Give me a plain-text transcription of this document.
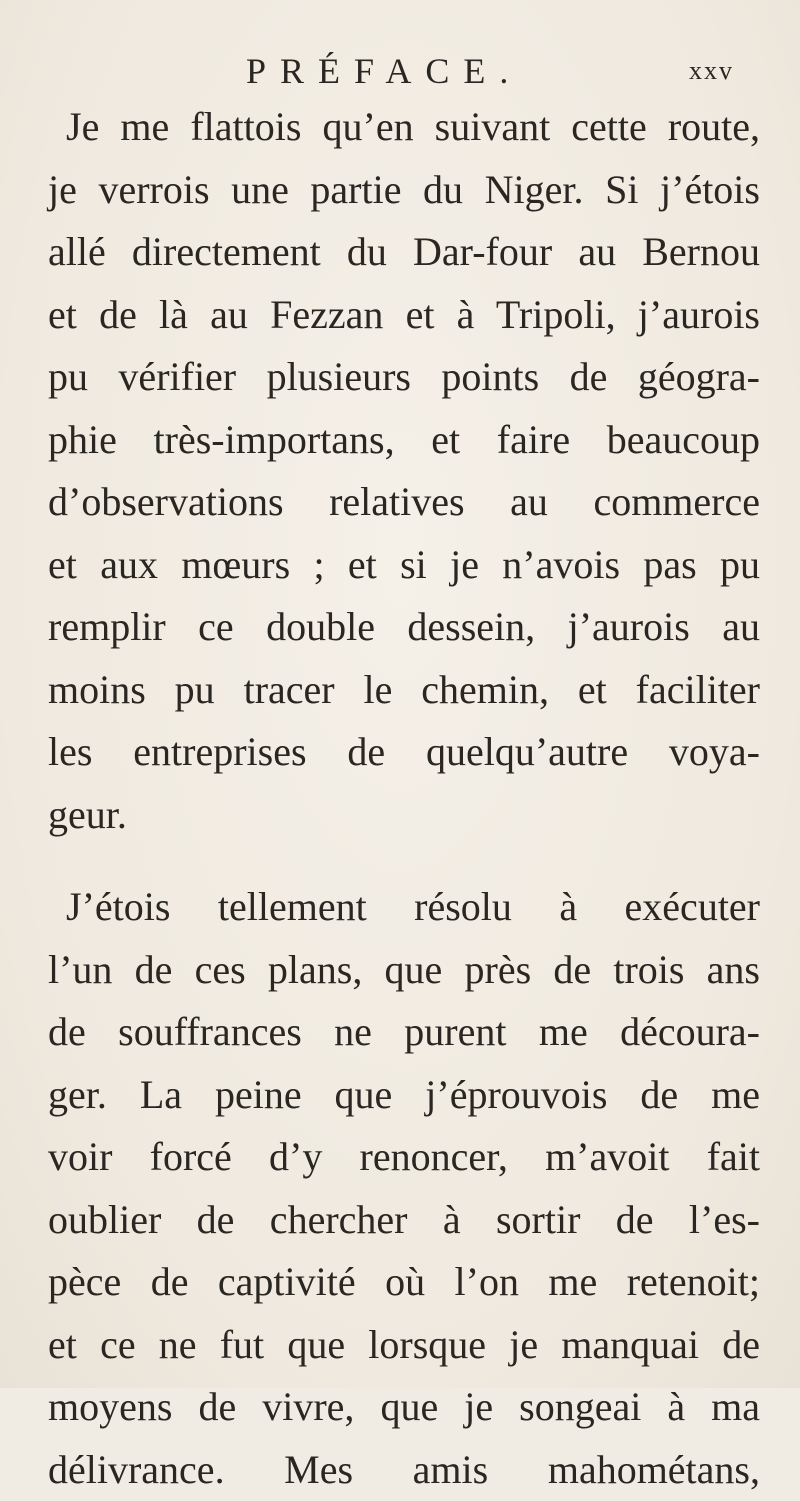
PRÉFACE.	xxv
Je me flattois qu’en suivant cette route,
je verrois une partie du Niger. Si j’étois
allé directement du Dar-four au Bernou
et de là au Fezzan et à Tripoli, j’aurois
pu vérifier plusieurs points de géogra-
phie très-importans, et faire beaucoup
d’observations relatives au commerce
et aux mœurs ; et si je n’avois pas pu
remplir ce double dessein, j’aurois au
moins pu tracer le chemin, et faciliter
les entreprises de quelqu’autre voya-
geur.
J’étois tellement résolu à exécuter
l’un de ces plans, que près de trois ans
de souffrances ne purent me découra-
ger. La peine que j’éprouvois de me
voir forcé d’y renoncer, m’avoit fait
oublier de chercher à sortir de l’es-
pèce de captivité où l’on me retenoit;
et ce ne fut que lorsque je manquai de
moyens de vivre, que je songeai à ma
délivrance. Mes amis mahométans,
